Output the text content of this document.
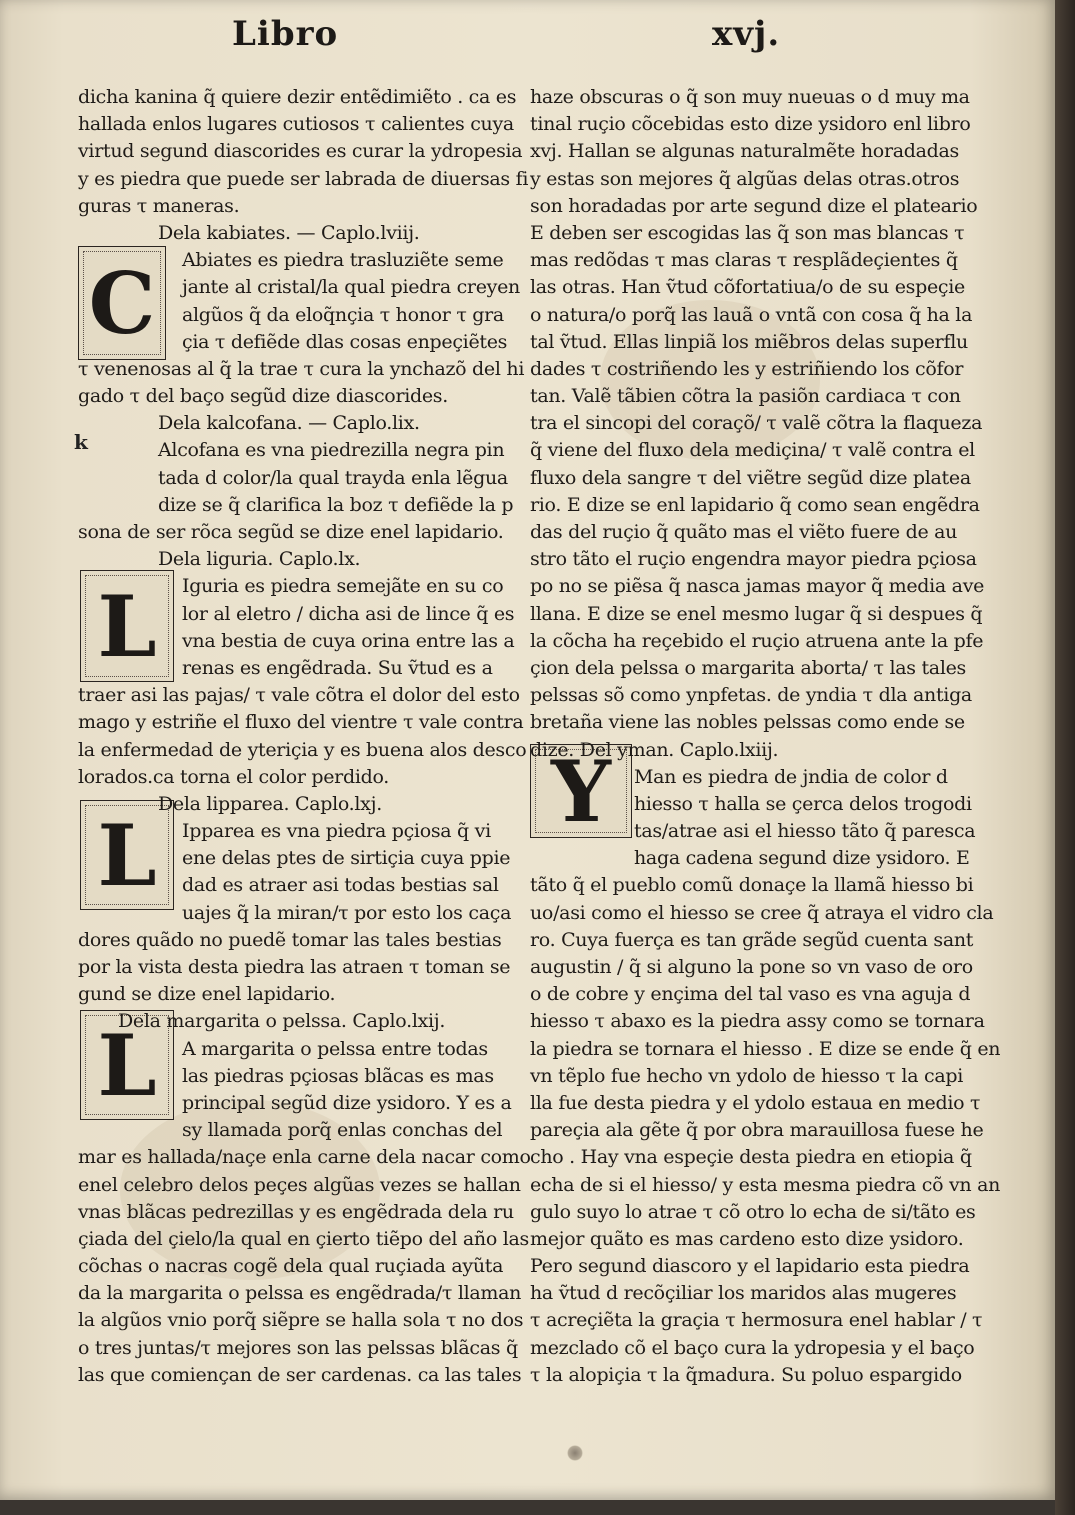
Libro	xvj.
k
C
L
L
L
Y
dicha kanina q̃ quiere dezir entẽdimiẽto . ca es
hallada enlos lugares cutiosos τ calientes cuya
virtud segund diascorides es curar la ydropesia
y es piedra que puede ser labrada de diuersas fi
guras τ maneras.
Dela kabiates. — Caplo.lviij.
Abiates es piedra trasluziẽte seme
jante al cristal/la qual piedra creyen
algũos q̃ da eloq̃nçia τ honor τ gra
çia τ defiẽde dlas cosas enpeçiẽtes
τ venenosas al q̃ la trae τ cura la ynchazõ del hi
gado τ del baço segũd dize diascorides.
Dela kalcofana. — Caplo.lix.
Alcofana es vna piedrezilla negra pin
tada d color/la qual trayda enla lẽgua
dize se q̃ clarifica la boz τ defiẽde la p
sona de ser rõca segũd se dize enel lapidario.
Dela liguria. Caplo.lx.
Iguria es piedra semejãte en su co
lor al eletro / dicha asi de lince q̃ es
vna bestia de cuya orina entre las a
renas es engẽdrada. Su ṽtud es a
traer asi las pajas/ τ vale cõtra el dolor del esto
mago y estriñe el fluxo del vientre τ vale contra
la enfermedad de yteriçia y es buena alos desco
lorados.ca torna el color perdido.
Dela lipparea. Caplo.lxj.
Ipparea es vna piedra pçiosa q̃ vi
ene delas ptes de sirtiçia cuya ppie
dad es atraer asi todas bestias sal
uajes q̃ la miran/τ por esto los caça
dores quãdo no puedẽ tomar las tales bestias
por la vista desta piedra las atraen τ toman se
gund se dize enel lapidario.
Dela margarita o pelssa. Caplo.lxij.
A margarita o pelssa entre todas
las piedras pçiosas blãcas es mas
principal segũd dize ysidoro. Y es a
sy llamada porq̃ enlas conchas del
mar es hallada/naçe enla carne dela nacar como
enel celebro delos peçes algũas vezes se hallan
vnas blãcas pedrezillas y es engẽdrada dela ru
çiada del çielo/la qual en çierto tiẽpo del año las
cõchas o nacras cogẽ dela qual ruçiada ayũta
da la margarita o pelssa es engẽdrada/τ llaman
la algũos vnio porq̃ siẽpre se halla sola τ no dos
o tres juntas/τ mejores son las pelssas blãcas q̃
las que comiençan de ser cardenas. ca las tales
haze obscuras o q̃ son muy nueuas o d muy ma
tinal ruçio cõcebidas esto dize ysidoro enl libro
xvj. Hallan se algunas naturalmẽte horadadas
y estas son mejores q̃ algũas delas otras.otros
son horadadas por arte segund dize el plateario
E deben ser escogidas las q̃ son mas blancas τ
mas redõdas τ mas claras τ resplãdeçientes q̃
las otras. Han ṽtud cõfortatiua/o de su espeçie
o natura/o porq̃ las lauã o vntã con cosa q̃ ha la
tal ṽtud. Ellas linpiã los miẽbros delas superflu
dades τ costriñendo les y estriñiendo los cõfor
tan. Valẽ tãbien cõtra la pasiõn cardiaca τ con
tra el sincopi del coraçõ/ τ valẽ cõtra la flaqueza
q̃ viene del fluxo dela mediçina/ τ valẽ contra el
fluxo dela sangre τ del viẽtre segũd dize platea
rio. E dize se enl lapidario q̃ como sean engẽdra
das del ruçio q̃ quãto mas el viẽto fuere de au
stro tãto el ruçio engendra mayor piedra pçiosa
po no se piẽsa q̃ nasca jamas mayor q̃ media ave
llana. E dize se enel mesmo lugar q̃ si despues q̃
la cõcha ha reçebido el ruçio atruena ante la pfe
çion dela pelssa o margarita aborta/ τ las tales
pelssas sõ como ynpfetas. de yndia τ dla antiga
bretaña viene las nobles pelssas como ende se
dize. Del yman. Caplo.lxiij.
Man es piedra de jndia de color d
hiesso τ halla se çerca delos trogodi
tas/atrae asi el hiesso tãto q̃ paresca
haga cadena segund dize ysidoro. E
tãto q̃ el pueblo comũ donaçe la llamã hiesso bi
uo/asi como el hiesso se cree q̃ atraya el vidro cla
ro. Cuya fuerça es tan grãde segũd cuenta sant
augustin / q̃ si alguno la pone so vn vaso de oro
o de cobre y ençima del tal vaso es vna aguja d
hiesso τ abaxo es la piedra assy como se tornara
la piedra se tornara el hiesso . E dize se ende q̃ en
vn tẽplo fue hecho vn ydolo de hiesso τ la capi
lla fue desta piedra y el ydolo estaua en medio τ
pareçia ala gẽte q̃ por obra marauillosa fuese he
cho . Hay vna espeçie desta piedra en etiopia q̃
echa de si el hiesso/ y esta mesma piedra cõ vn an
gulo suyo lo atrae τ cõ otro lo echa de si/tãto es
mejor quãto es mas cardeno esto dize ysidoro.
Pero segund diascoro y el lapidario esta piedra
ha ṽtud d recõçiliar los maridos alas mugeres
τ acreçiẽta la graçia τ hermosura enel hablar / τ
mezclado cõ el baço cura la ydropesia y el baço
τ la alopiçia τ la q̃madura. Su poluo espargido
